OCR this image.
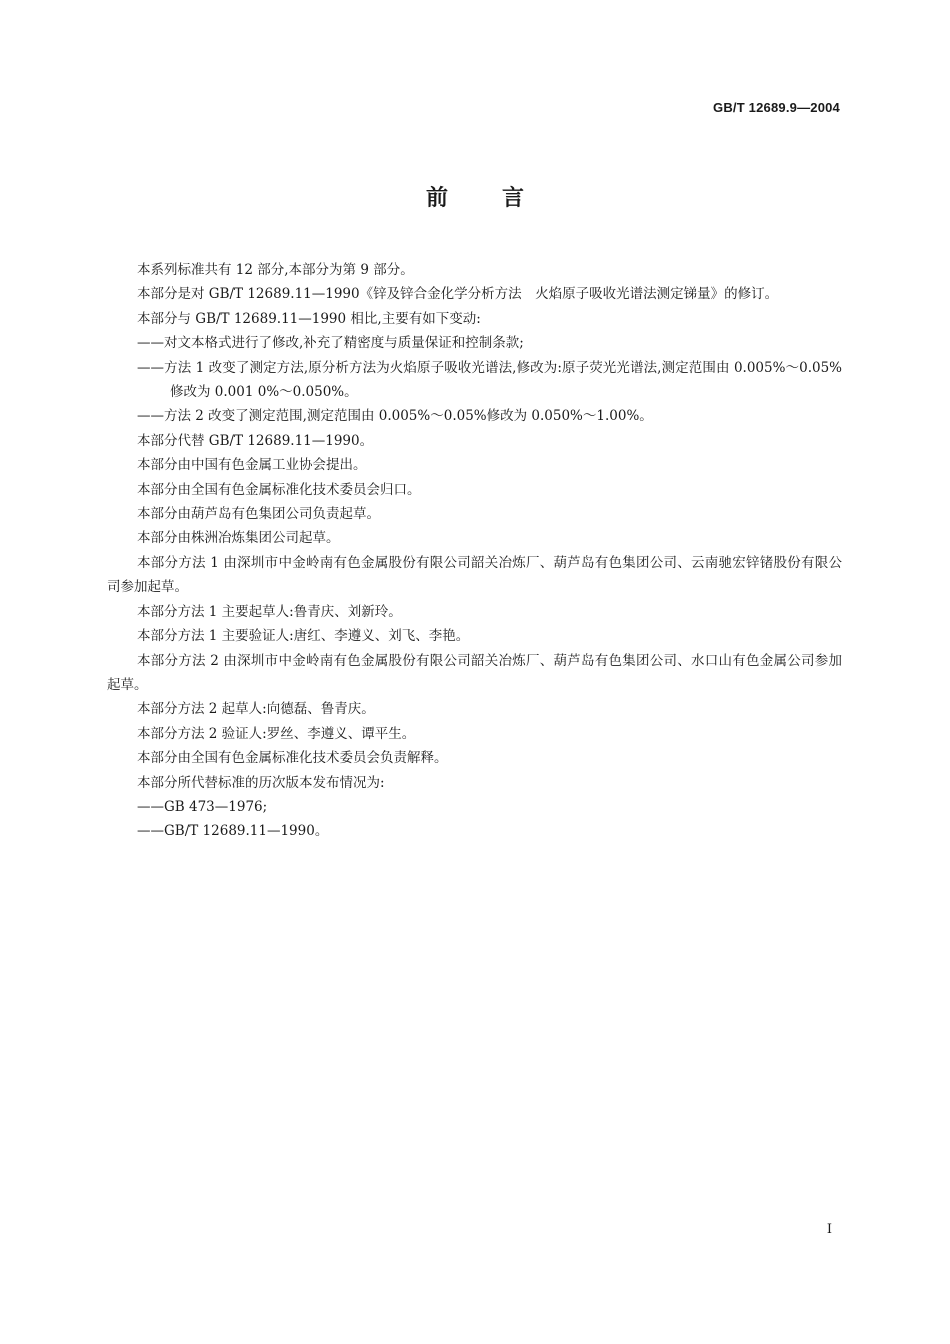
GB/T 12689.9—2004
前言

本系列标准共有 12 部分,本部分为第 9 部分。

本部分是对 GB/T 12689.11—1990《锌及锌合金化学分析方法　火焰原子吸收光谱法测定锑量》的修订。

本部分与 GB/T 12689.11—1990 相比,主要有如下变动:

——对文本格式进行了修改,补充了精密度与质量保证和控制条款;

——方法 1 改变了测定方法,原分析方法为火焰原子吸收光谱法,修改为:原子荧光光谱法,测定范围由 0.005%～0.05%修改为 0.001 0%～0.050%。

——方法 2 改变了测定范围,测定范围由 0.005%～0.05%修改为 0.050%～1.00%。

本部分代替 GB/T 12689.11—1990。

本部分由中国有色金属工业协会提出。

本部分由全国有色金属标准化技术委员会归口。

本部分由葫芦岛有色集团公司负责起草。

本部分由株洲冶炼集团公司起草。

本部分方法 1 由深圳市中金岭南有色金属股份有限公司韶关冶炼厂、葫芦岛有色集团公司、云南驰宏锌锗股份有限公司参加起草。

本部分方法 1 主要起草人:鲁青庆、刘新玲。

本部分方法 1 主要验证人:唐红、李遵义、刘飞、李艳。

本部分方法 2 由深圳市中金岭南有色金属股份有限公司韶关冶炼厂、葫芦岛有色集团公司、水口山有色金属公司参加起草。

本部分方法 2 起草人:向德磊、鲁青庆。

本部分方法 2 验证人:罗丝、李遵义、谭平生。

本部分由全国有色金属标准化技术委员会负责解释。

本部分所代替标准的历次版本发布情况为:

——GB 473—1976;

——GB/T 12689.11—1990。

I
